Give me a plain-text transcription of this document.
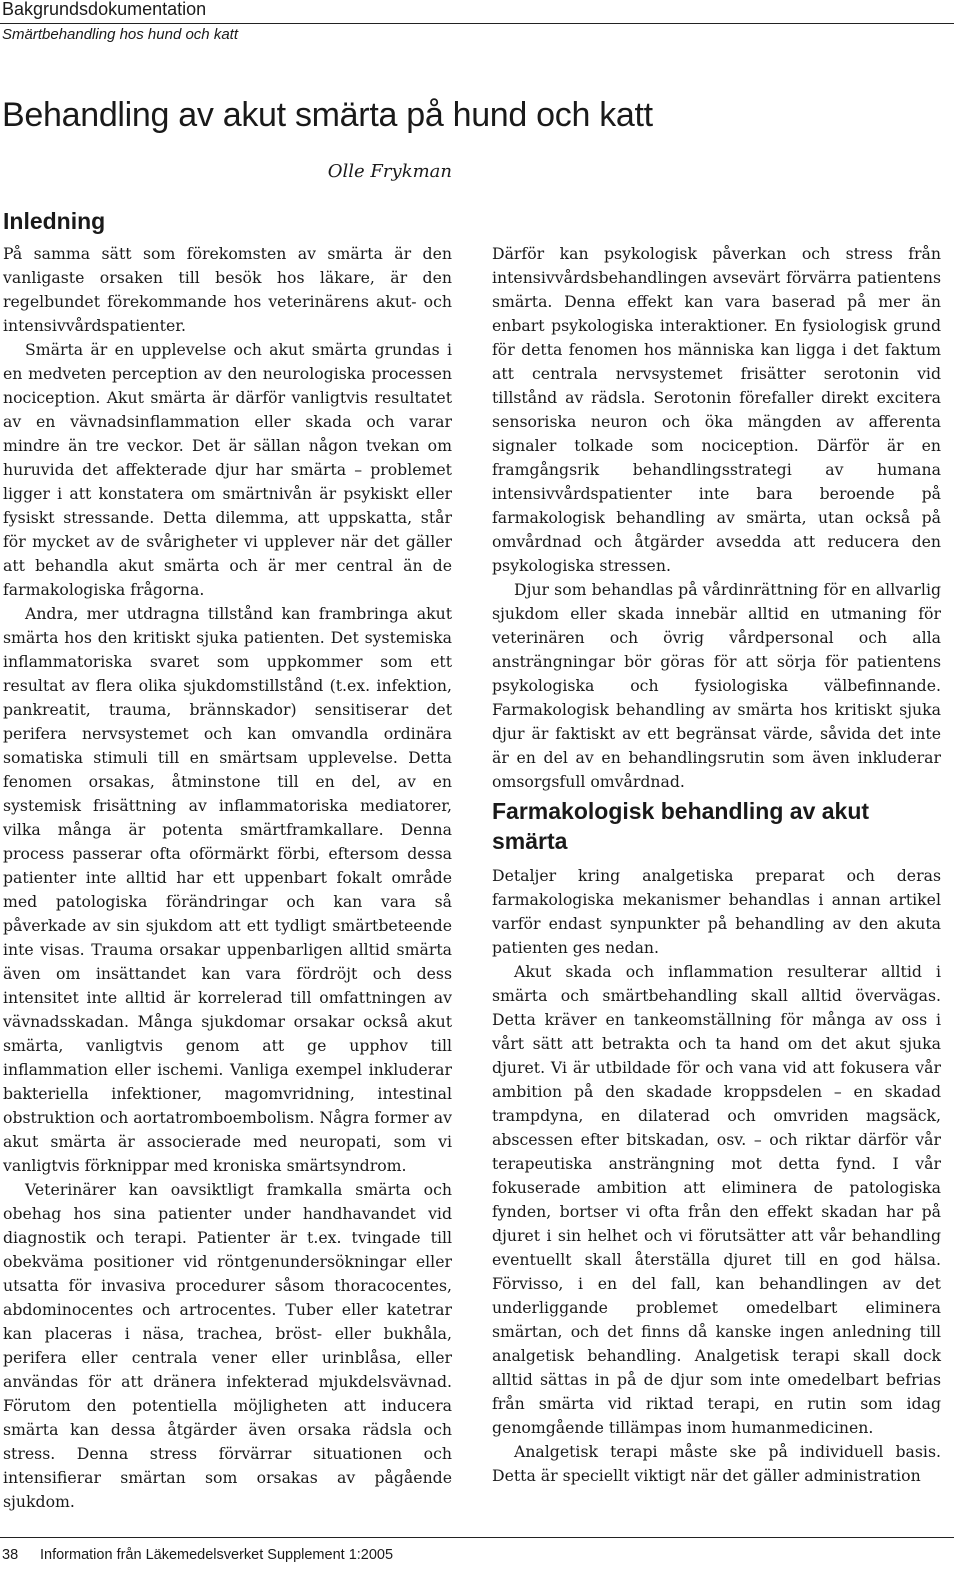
Bakgrundsdokumentation
Smärtbehandling hos hund och katt
Behandling av akut smärta på hund och katt
Olle Frykman
Inledning

På samma sätt som förekomsten av smärta är den vanligaste orsaken till besök hos läkare, är den regelbundet förekommande hos veterinärens akut- och intensivvårdspatienter.

Smärta är en upplevelse och akut smärta grundas i en medveten perception av den neurologiska processen nociception. Akut smärta är därför vanligtvis resultatet av en vävnadsinflammation eller skada och varar mindre än tre veckor. Det är sällan någon tvekan om huruvida det affekterade djur har smärta – problemet ligger i att konstatera om smärtnivån är psykiskt eller fysiskt stressande. Detta dilemma, att uppskatta, står för mycket av de svårigheter vi upplever när det gäller att behandla akut smärta och är mer central än de farmakologiska frågorna.

Andra, mer utdragna tillstånd kan frambringa akut smärta hos den kritiskt sjuka patienten. Det systemiska inflammatoriska svaret som uppkommer som ett resultat av flera olika sjukdomstillstånd (t.ex. infektion, pankreatit, trauma, brännskador) sensitiserar det perifera nervsystemet och kan omvandla ordinära somatiska stimuli till en smärtsam upplevelse. Detta fenomen orsakas, åtminstone till en del, av en systemisk frisättning av inflammatoriska mediatorer, vilka många är potenta smärtframkallare. Denna process passerar ofta oförmärkt förbi, eftersom dessa patienter inte alltid har ett uppenbart fokalt område med patologiska förändringar och kan vara så påverkade av sin sjukdom att ett tydligt smärtbeteende inte visas. Trauma orsakar uppenbarligen alltid smärta även om insättandet kan vara fördröjt och dess intensitet inte alltid är korrelerad till omfattningen av vävnadsskadan. Många sjukdomar orsakar också akut smärta, vanligtvis genom att ge upphov till inflammation eller ischemi. Vanliga exempel inkluderar bakteriella infektioner, magomvridning, intestinal obstruktion och aortatromboembolism. Några former av akut smärta är associerade med neuropati, som vi vanligtvis förknippar med kroniska smärtsyndrom.

Veterinärer kan oavsiktligt framkalla smärta och obehag hos sina patienter under handhavandet vid diagnostik och terapi. Patienter är t.ex. tvingade till obekväma positioner vid röntgenundersökningar eller utsatta för invasiva procedurer såsom thoracocentes, abdominocentes och artrocentes. Tuber eller katetrar kan placeras i näsa, trachea, bröst- eller bukhåla, perifera eller centrala vener eller urinblåsa, eller användas för att dränera infekterad mjukdelsvävnad. Förutom den potentiella möjligheten att inducera smärta kan dessa åtgärder även orsaka rädsla och stress. Denna stress förvärrar situationen och intensifierar smärtan som orsakas av pågående sjukdom.

Därför kan psykologisk påverkan och stress från intensivvårdsbehandlingen avsevärt förvärra patientens smärta. Denna effekt kan vara baserad på mer än enbart psykologiska interaktioner. En fysiologisk grund för detta fenomen hos människa kan ligga i det faktum att centrala nervsystemet frisätter serotonin vid tillstånd av rädsla. Serotonin förefaller direkt excitera sensoriska neuron och öka mängden av afferenta signaler tolkade som nociception. Därför är en framgångsrik behandlingsstrategi av humana intensivvårdspatienter inte bara beroende på farmakologisk behandling av smärta, utan också på omvårdnad och åtgärder avsedda att reducera den psykologiska stressen.

Djur som behandlas på vårdinrättning för en allvarlig sjukdom eller skada innebär alltid en utmaning för veterinären och övrig vårdpersonal och alla ansträngningar bör göras för att sörja för patientens psykologiska och fysiologiska välbefinnande. Farmakologisk behandling av smärta hos kritiskt sjuka djur är faktiskt av ett begränsat värde, såvida det inte är en del av en behandlingsrutin som även inkluderar omsorgsfull omvårdnad.

Farmakologisk behandling av akut smärta

Detaljer kring analgetiska preparat och deras farmakologiska mekanismer behandlas i annan artikel varför endast synpunkter på behandling av den akuta patienten ges nedan.

Akut skada och inflammation resulterar alltid i smärta och smärtbehandling skall alltid övervägas. Detta kräver en tankeomställning för många av oss i vårt sätt att betrakta och ta hand om det akut sjuka djuret. Vi är utbildade för och vana vid att fokusera vår ambition på den skadade kroppsdelen – en skadad trampdyna, en dilaterad och omvriden magsäck, abscessen efter bitskadan, osv. – och riktar därför vår terapeutiska ansträngning mot detta fynd. I vår fokuserade ambition att eliminera de patologiska fynden, bortser vi ofta från den effekt skadan har på djuret i sin helhet och vi förutsätter att vår behandling eventuellt skall återställa djuret till en god hälsa. Förvisso, i en del fall, kan behandlingen av det underliggande problemet omedelbart eliminera smärtan, och det finns då kanske ingen anledning till analgetisk behandling. Analgetisk terapi skall dock alltid sättas in på de djur som inte omedelbart befrias från smärta vid riktad terapi, en rutin som idag genomgående tillämpas inom humanmedicinen.

Analgetisk terapi måste ske på individuell basis. Detta är speciellt viktigt när det gäller administration

38 Information från Läkemedelsverket Supplement 1:2005
